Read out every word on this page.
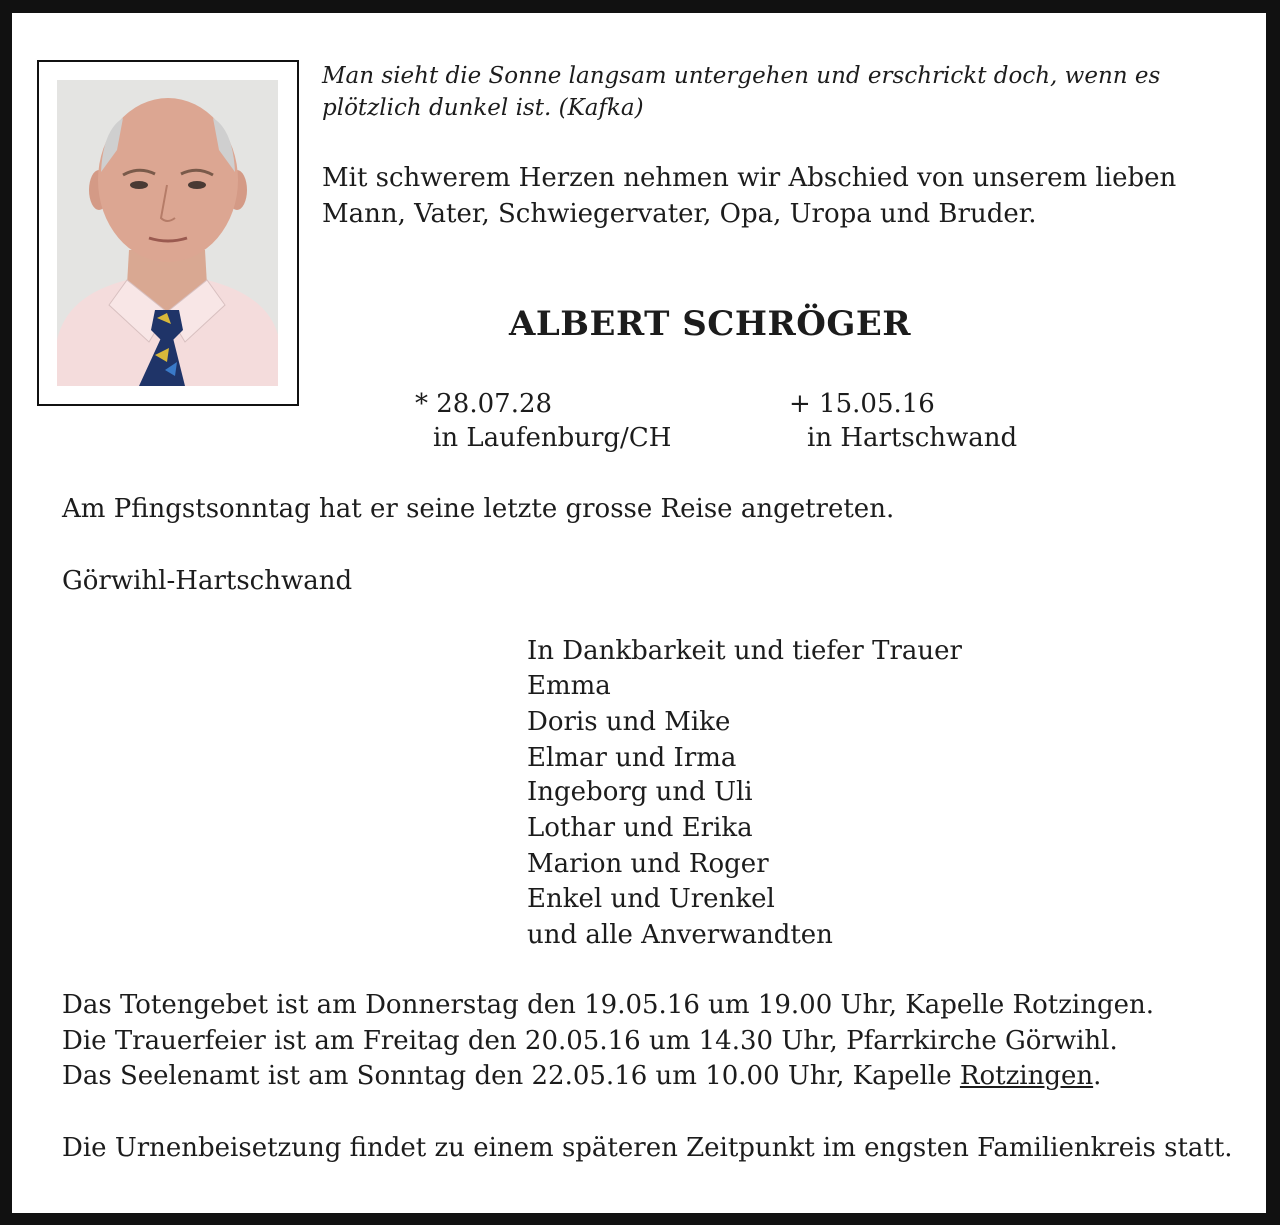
Man sieht die Sonne langsam untergehen und erschrickt doch, wenn es
plötzlich dunkel ist. (Kafka)
Mit schwerem Herzen nehmen wir Abschied von unserem lieben
Mann, Vater, Schwiegervater, Opa, Uropa und Bruder.
ALBERT SCHRÖGER
* 28.07.28
in Laufenburg/CH
+ 15.05.16
in Hartschwand
Am Pfingstsonntag hat er seine letzte grosse Reise angetreten.
Görwihl-Hartschwand
In Dankbarkeit und tiefer Trauer
Emma
Doris und Mike
Elmar und Irma
Ingeborg und Uli
Lothar und Erika
Marion und Roger
Enkel und Urenkel
und alle Anverwandten
Das Totengebet ist am Donnerstag den 19.05.16 um 19.00 Uhr, Kapelle Rotzingen.
Die Trauerfeier ist am Freitag den 20.05.16 um 14.30 Uhr, Pfarrkirche Görwihl.
Das Seelenamt ist am Sonntag den 22.05.16 um 10.00 Uhr, Kapelle Rotzingen.
Die Urnenbeisetzung findet zu einem späteren Zeitpunkt im engsten Familienkreis statt.
